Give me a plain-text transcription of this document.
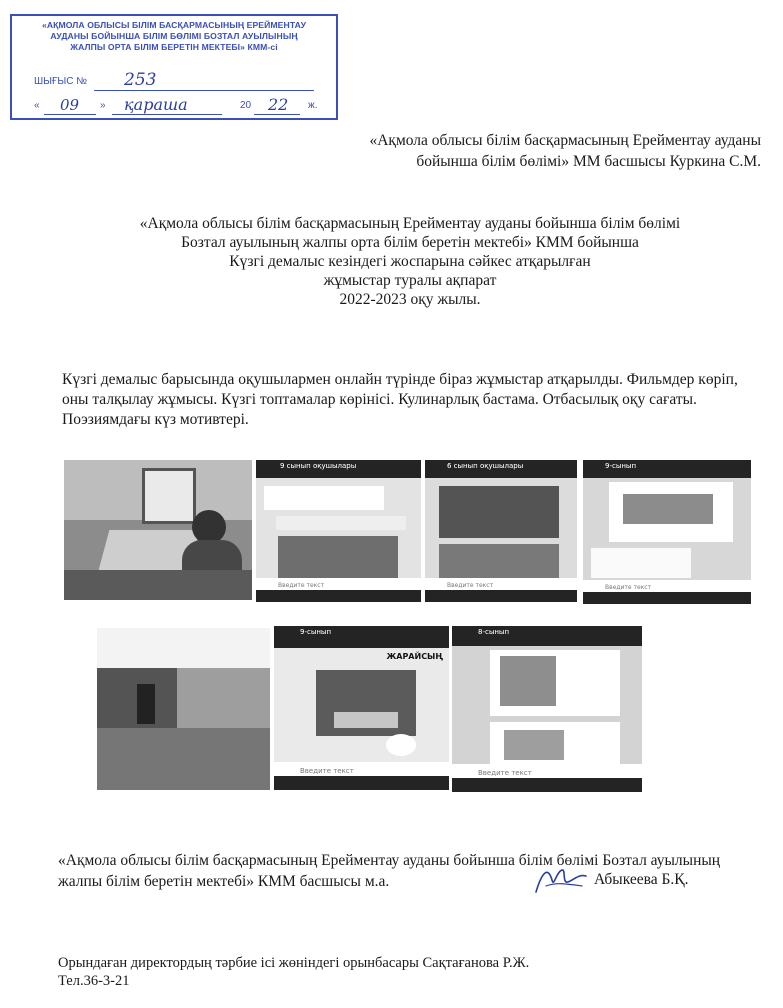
«АҚМОЛА ОБЛЫСЫ БІЛІМ БАСҚАРМАСЫНЫҢ ЕРЕЙМЕНТАУ
АУДАНЫ БОЙЫНША БІЛІМ БӨЛІМІ БОЗТАЛ АУЫЛЫНЫҢ
ЖАЛПЫ ОРТА БІЛІМ БЕРЕТІН МЕКТЕБІ» КММ-сі
ШЫҒЫС № 253
« 09 » қараша	20 22 ж.
«Ақмола облысы білім басқармасының Ерейментау ауданы
бойынша білім бөлімі» ММ басшысы Куркина С.М.
«Ақмола облысы білім басқармасының Ерейментау ауданы бойынша білім бөлімі
Бозтал ауылының жалпы орта білім беретін мектебі» КММ бойынша
Күзгі демалыс кезіндегі жоспарына сәйкес атқарылған
жұмыстар туралы ақпарат
2022-2023 оқу жылы.
Күзгі демалыс барысында оқушылармен онлайн түрінде біраз жұмыстар атқарылды. Фильмдер көріп, оны талқылау жұмысы. Күзгі топтамалар көрінісі. Кулинарлық бастама. Отбасылық оқу сағаты. Поэзиямдағы күз мотивтері.
9 сынып оқушылары
Введите текст
6 сынып оқушылары
Введите текст
9-сынып
Введите текст
9-сынып
ЖАРАЙСЫҢ
Введите текст
8-сынып
Введите текст
«Ақмола облысы білім басқармасының Ерейментау ауданы бойынша білім бөлімі Бозтал ауылының жалпы білім беретін мектебі» КММ басшысы м.а.	Абыкеева Б.Қ.
Орындаған директордың тәрбие ісі жөніндегі орынбасары Сақтағанова Р.Ж.
Тел.36-3-21
